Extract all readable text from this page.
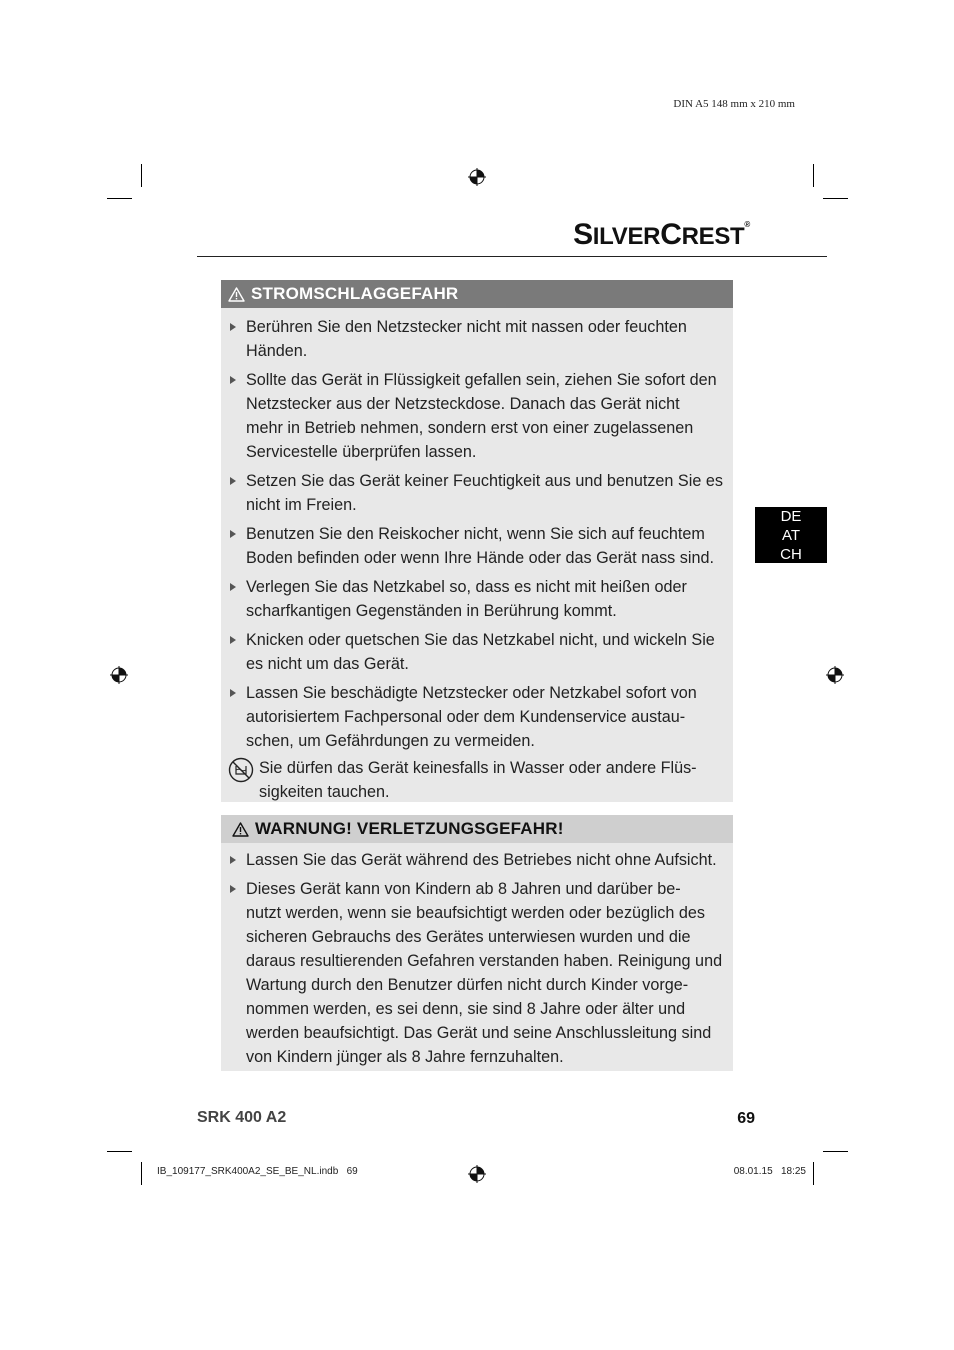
DIN A5 148 mm x 210 mm
SILVERCREST®
STROMSCHLAGGEFAHR
Berühren Sie den Netzstecker nicht mit nassen oder feuchten
Händen.
Sollte das Gerät in Flüssigkeit gefallen sein, ziehen Sie sofort den
Netzstecker aus der Netzsteckdose. Danach das Gerät nicht
mehr in Betrieb nehmen, sondern erst von einer zugelassenen
Servicestelle überprüfen lassen.
Setzen Sie das Gerät keiner Feuchtigkeit aus und benutzen Sie es
nicht im Freien.
Benutzen Sie den Reiskocher nicht, wenn Sie sich auf feuchtem
Boden befinden oder wenn Ihre Hände oder das Gerät nass sind.
Verlegen Sie das Netzkabel so, dass es nicht mit heißen oder
scharfkantigen Gegenständen in Berührung kommt.
Knicken oder quetschen Sie das Netzkabel nicht, und wickeln Sie
es nicht um das Gerät.
Lassen Sie beschädigte Netzstecker oder Netzkabel sofort von
autorisiertem Fachpersonal oder dem Kundenservice austau-
schen, um Gefährdungen zu vermeiden.
Sie dürfen das Gerät keinesfalls in Wasser oder andere Flüs-
sigkeiten tauchen.
WARNUNG! VERLETZUNGSGEFAHR!
Lassen Sie das Gerät während des Betriebes nicht ohne Aufsicht.
Dieses Gerät kann von Kindern ab 8 Jahren und darüber be-
nutzt werden, wenn sie beaufsichtigt werden oder bezüglich des
sicheren Gebrauchs des Gerätes unterwiesen wurden und die
daraus resultierenden Gefahren verstanden haben. Reinigung und
Wartung durch den Benutzer dürfen nicht durch Kinder vorge-
nommen werden, es sei denn, sie sind 8 Jahre oder älter und
werden beaufsichtigt. Das Gerät und seine Anschlussleitung sind
von Kindern jünger als 8 Jahre fernzuhalten.
DE
AT
CH
SRK 400 A2	69
IB_109177_SRK400A2_SE_BE_NL.indb   69	08.01.15   18:25
